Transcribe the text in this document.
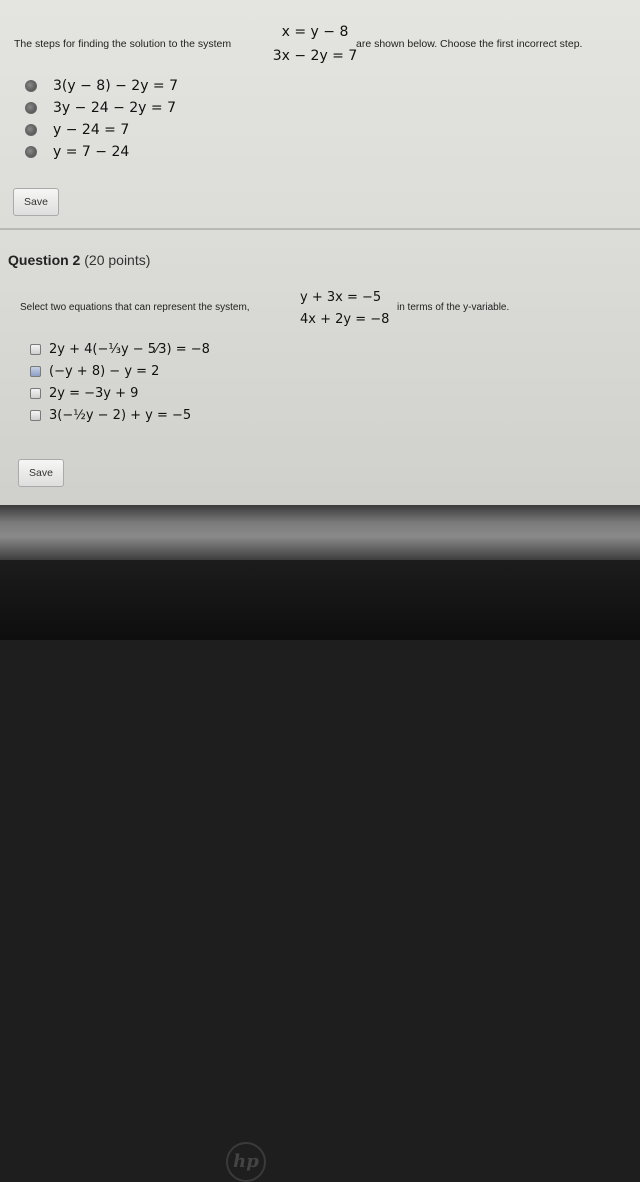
x = y − 8
3x − 2y = 7
The steps for finding the solution to the system	are shown below. Choose the first incorrect step.
3(y − 8) − 2y = 7
3y − 24 − 2y = 7
y − 24 = 7
y = 7 − 24
Save
Question 2 (20 points)
y + 3x = −5
4x + 2y = −8
Select two equations that can represent the system,	in terms of the y-variable.
2y + 4(−⅓y − 5⁄3) = −8
(−y + 8) − y = 2
2y = −3y + 9
3(−½y − 2) + y = −5
Save
hp
